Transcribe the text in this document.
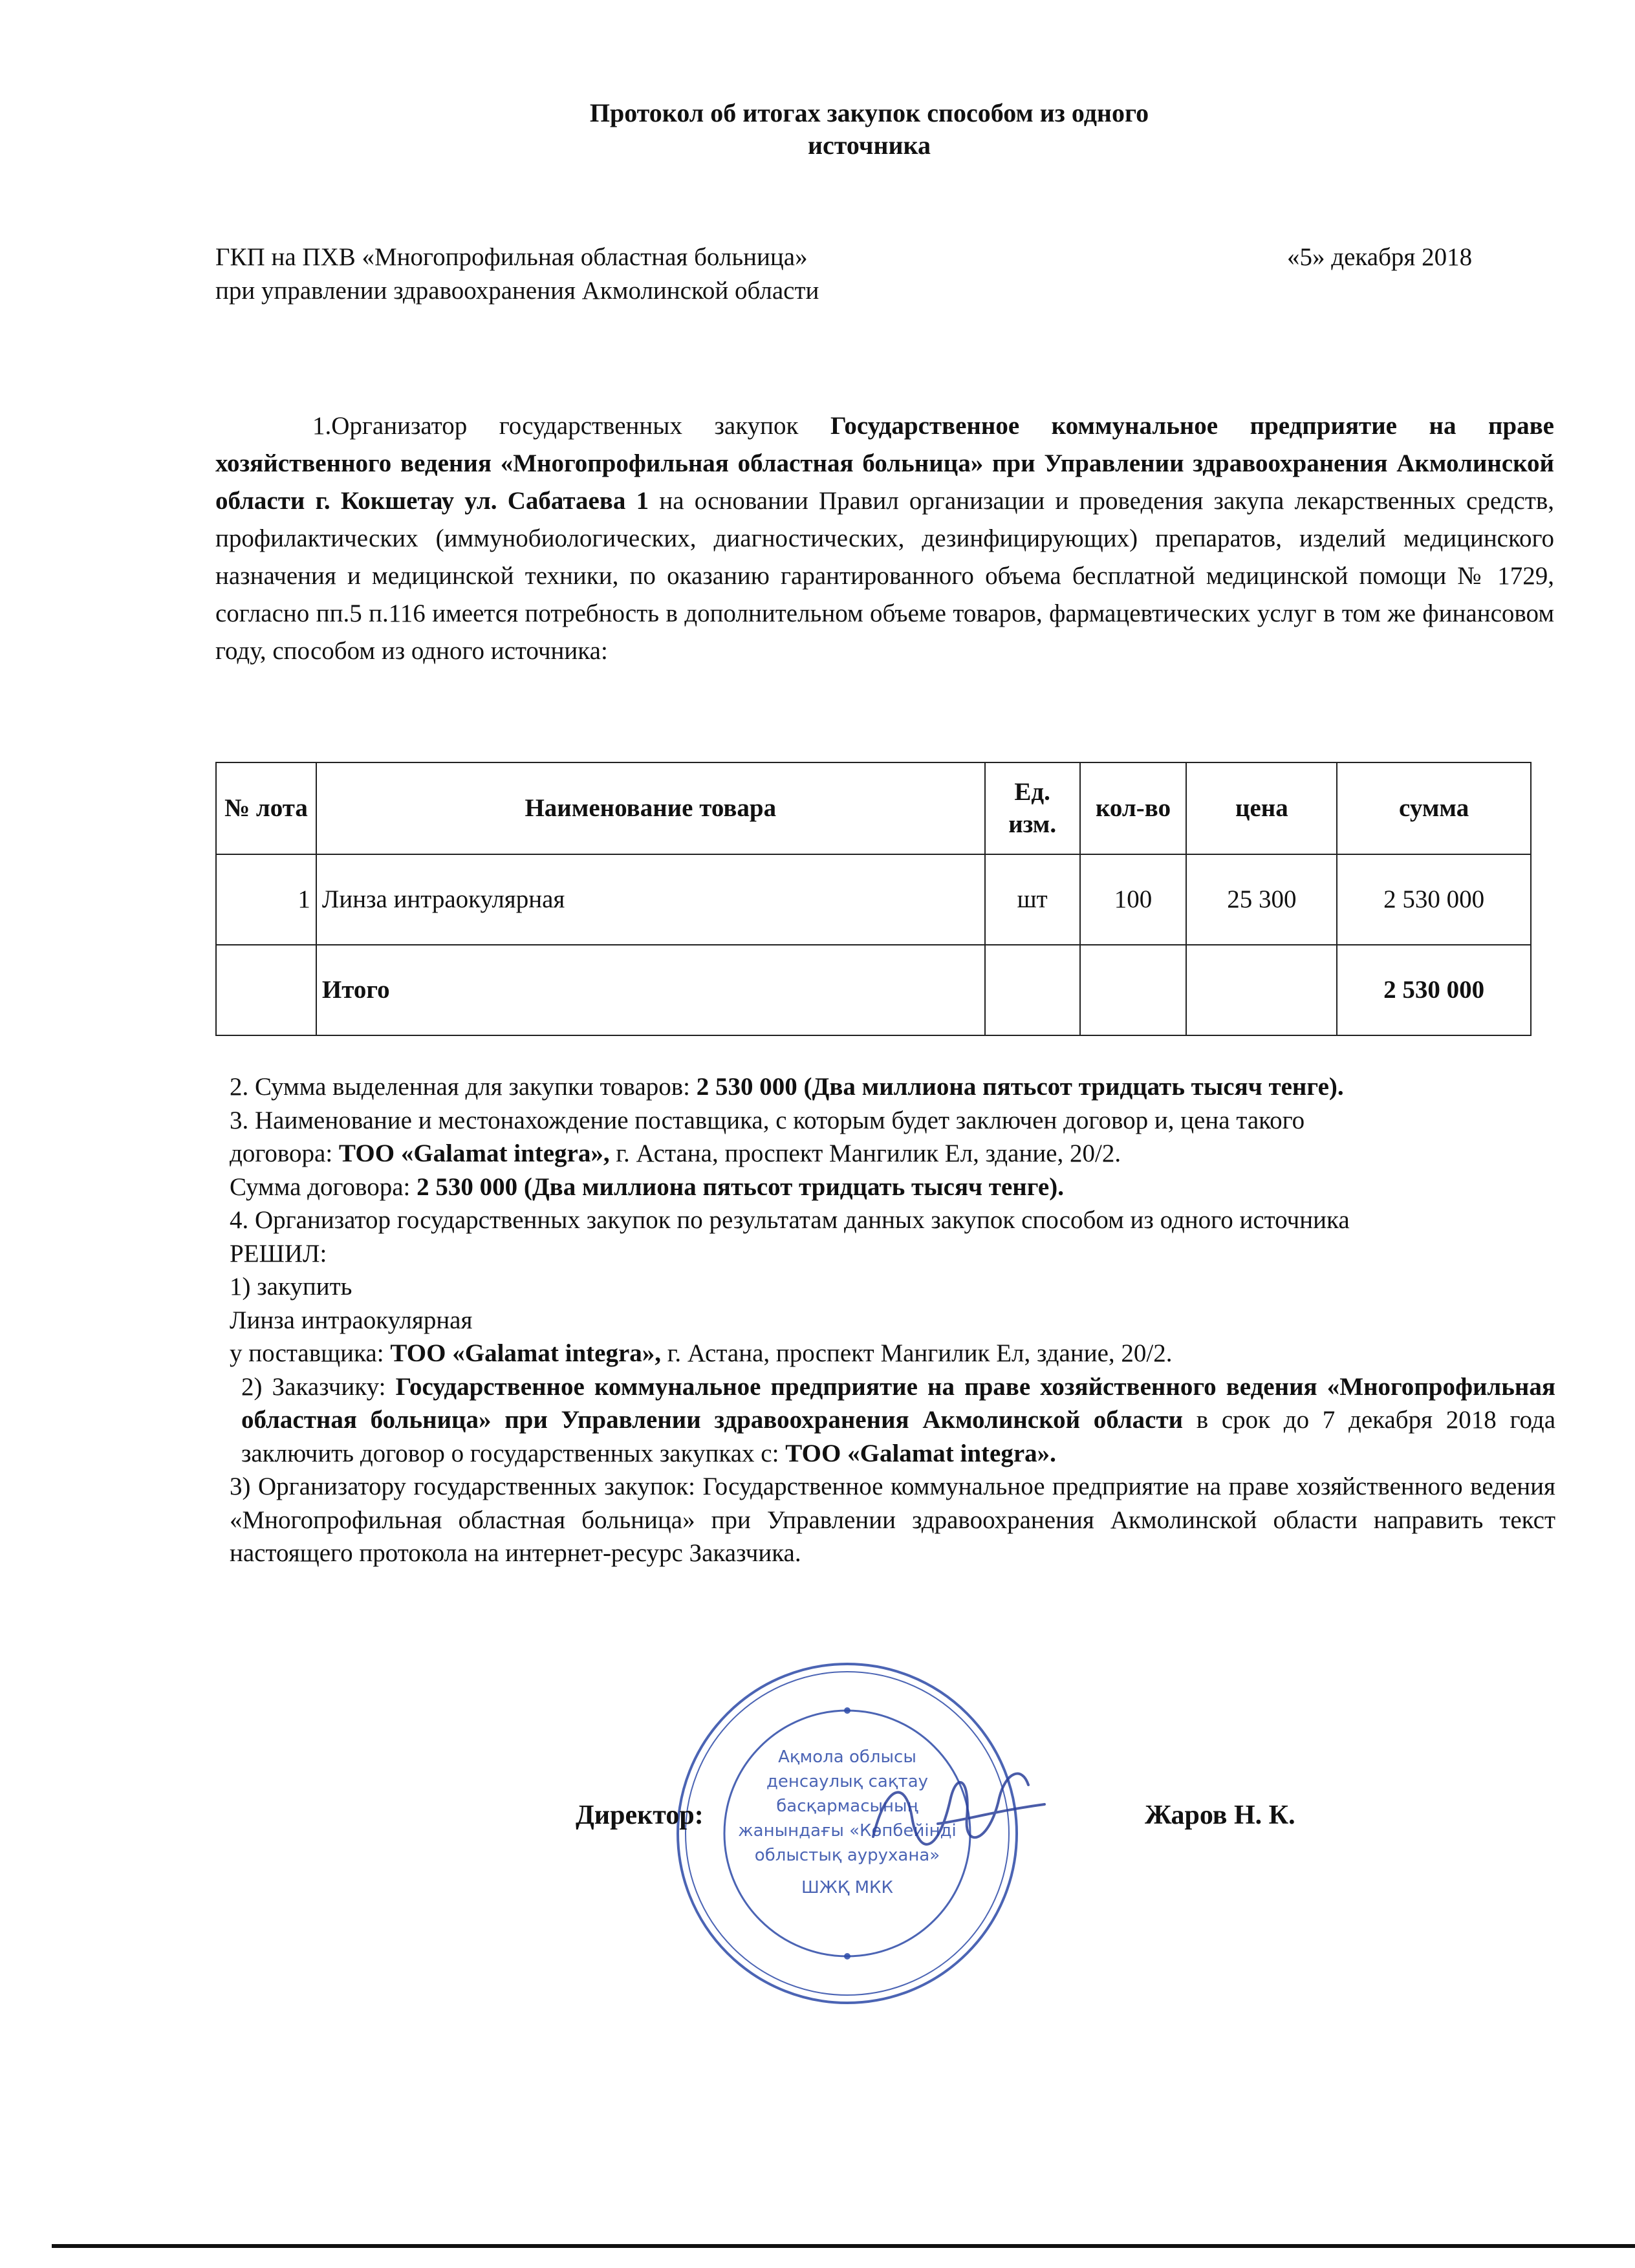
Протокол об итогах закупок способом из одного
источника
ГКП на ПХВ «Многопрофильная областная больница»
при управлении здравоохранения Акмолинской области
«5» декабря 2018

1.Организатор государственных закупок Государственное коммунальное предприятие на праве хозяйственного ведения «Многопрофильная областная больница» при Управлении здравоохранения Акмолинской области г. Кокшетау ул. Сабатаева 1 на основании Правил организации и проведения закупа лекарственных средств, профилактических (иммунобиологических, диагностических, дезинфицирующих) препаратов, изделий медицинского назначения и медицинской техники, по оказанию гарантированного объема бесплатной медицинской помощи № 1729, согласно пп.5 п.116 имеется потребность в дополнительном объеме товаров, фармацевтических услуг в том же финансовом году, способом из одного источника:

№ лота	Наименование товара	Ед. изм.	кол-во	цена	сумма
1	Линза интраокулярная	шт	100	25 300	2 530 000
	Итого				2 530 000
2. Сумма выделенная для закупки товаров: 2 530 000 (Два миллиона пятьсот тридцать тысяч тенге).
3. Наименование и местонахождение поставщика, с которым будет заключен договор и, цена такого
договора: ТОО «Galamat integra», г. Астана, проспект Мангилик Ел, здание, 20/2.
Сумма договора: 2 530 000 (Два миллиона пятьсот тридцать тысяч тенге).
4. Организатор государственных закупок по результатам данных закупок способом из одного источника
РЕШИЛ:
1) закупить
Линза интраокулярная
у поставщика: ТОО «Galamat integra», г. Астана, проспект Мангилик Ел, здание, 20/2.
2) Заказчику: Государственное коммунальное предприятие на праве хозяйственного ведения «Многопрофильная областная больница» при Управлении здравоохранения Акмолинской области в срок до 7 декабря 2018 года заключить договор о государственных закупках с: ТОО «Galamat integra».
3) Организатору государственных закупок: Государственное коммунальное предприятие на праве хозяйственного ведения «Многопрофильная областная больница» при Управлении здравоохранения Акмолинской области направить текст настоящего протокола на интернет-ресурс Заказчика.
Ақмола облысы
денсаулық сақтау
басқармасының
жанындағы «Көпбейінді
облыстық аурухана»
ШЖҚ МКК
Директор:	Жаров Н. К.
